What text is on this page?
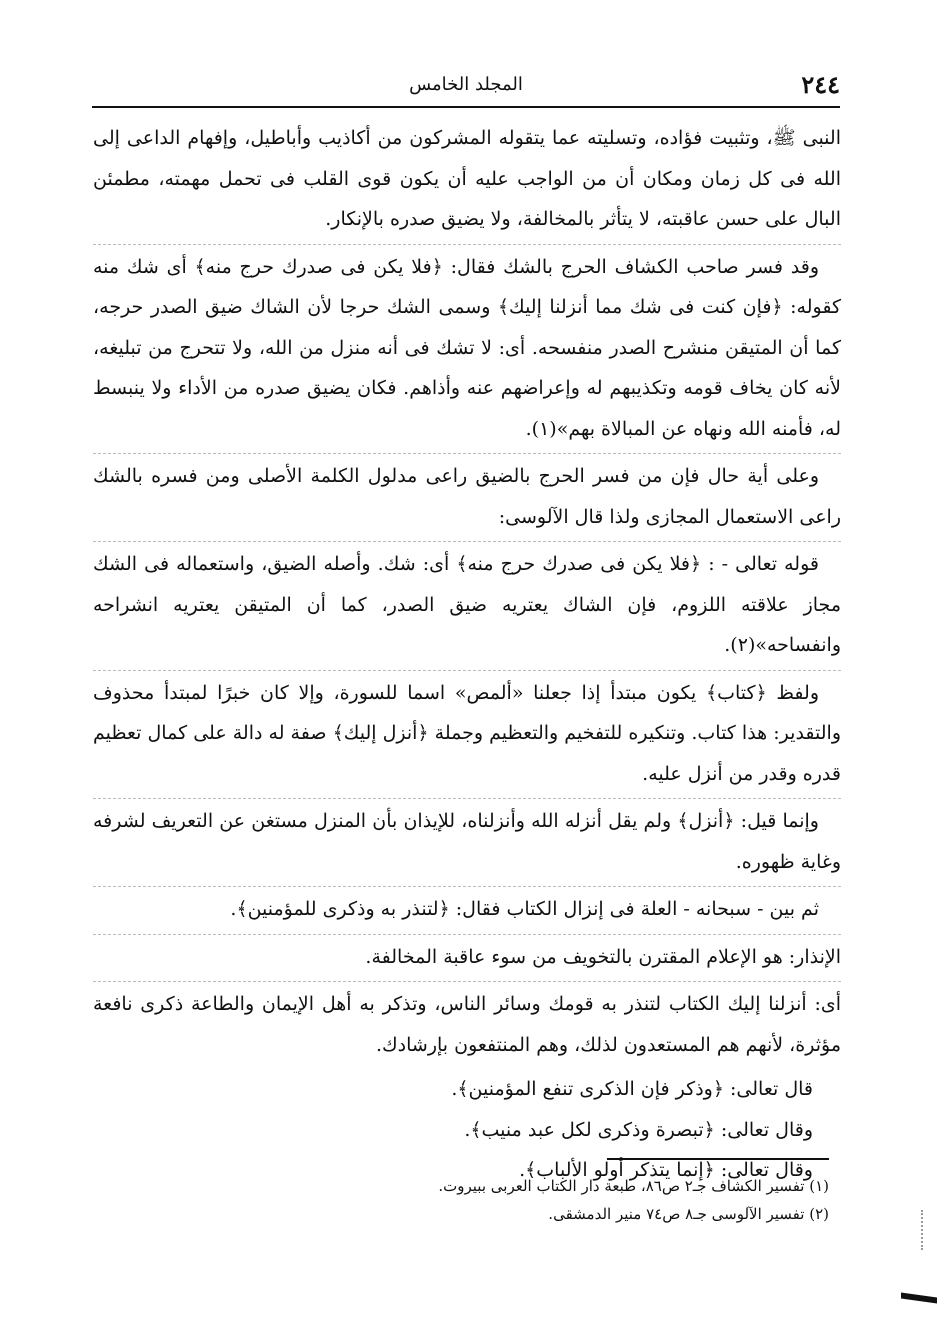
٢٤٤
المجلد الخامس

النبى ﷺ، وتثبيت فؤاده، وتسليته عما يتقوله المشركون من أكاذيب وأباطيل، وإفهام الداعى إلى الله فى كل زمان ومكان أن من الواجب عليه أن يكون قوى القلب فى تحمل مهمته، مطمئن البال على حسن عاقبته، لا يتأثر بالمخالفة، ولا يضيق صدره بالإنكار.

وقد فسر صاحب الكشاف الحرج بالشك فقال: ﴿فلا يكن فى صدرك حرج منه﴾ أى شك منه كقوله: ﴿فإن كنت فى شك مما أنزلنا إليك﴾ وسمى الشك حرجا لأن الشاك ضيق الصدر حرجه، كما أن المتيقن منشرح الصدر منفسحه. أى: لا تشك فى أنه منزل من الله، ولا تتحرج من تبليغه، لأنه كان يخاف قومه وتكذيبهم له وإعراضهم عنه وأذاهم. فكان يضيق صدره من الأداء ولا ينبسط له، فأمنه الله ونهاه عن المبالاة بهم»(١).

وعلى أية حال فإن من فسر الحرج بالضيق راعى مدلول الكلمة الأصلى ومن فسره بالشك راعى الاستعمال المجازى ولذا قال الآلوسى:

قوله تعالى - : ﴿فلا يكن فى صدرك حرج منه﴾ أى: شك. وأصله الضيق، واستعماله فى الشك مجاز علاقته اللزوم، فإن الشاك يعتريه ضيق الصدر، كما أن المتيقن يعتريه انشراحه وانفساحه»(٢).

ولفظ ﴿كتاب﴾ يكون مبتدأ إذا جعلنا «ألمص» اسما للسورة، وإلا كان خبرًا لمبتدأ محذوف والتقدير: هذا كتاب. وتنكيره للتفخيم والتعظيم وجملة ﴿أنزل إليك﴾ صفة له دالة على كمال تعظيم قدره وقدر من أنزل عليه.

وإنما قيل: ﴿أنزل﴾ ولم يقل أنزله الله وأنزلناه، للإيذان بأن المنزل مستغن عن التعريف لشرفه وغاية ظهوره.

ثم بين - سبحانه - العلة فى إنزال الكتاب فقال: ﴿لتنذر به وذكرى للمؤمنين﴾.

الإنذار: هو الإعلام المقترن بالتخويف من سوء عاقبة المخالفة.

أى: أنزلنا إليك الكتاب لتنذر به قومك وسائر الناس، وتذكر به أهل الإيمان والطاعة ذكرى نافعة مؤثرة، لأنهم هم المستعدون لذلك، وهم المنتفعون بإرشادك.

قال تعالى: ﴿وذكر فإن الذكرى تنفع المؤمنين﴾.

وقال تعالى: ﴿تبصرة وذكرى لكل عبد منيب﴾.

وقال تعالى: ﴿إنما يتذكر أولو الألباب﴾.

(١) تفسير الكشاف جـ٢ ص٨٦، طبعة دار الكتاب العربى ببيروت.

(٢) تفسير الآلوسى جـ٨ ص٧٤ منير الدمشقى.
